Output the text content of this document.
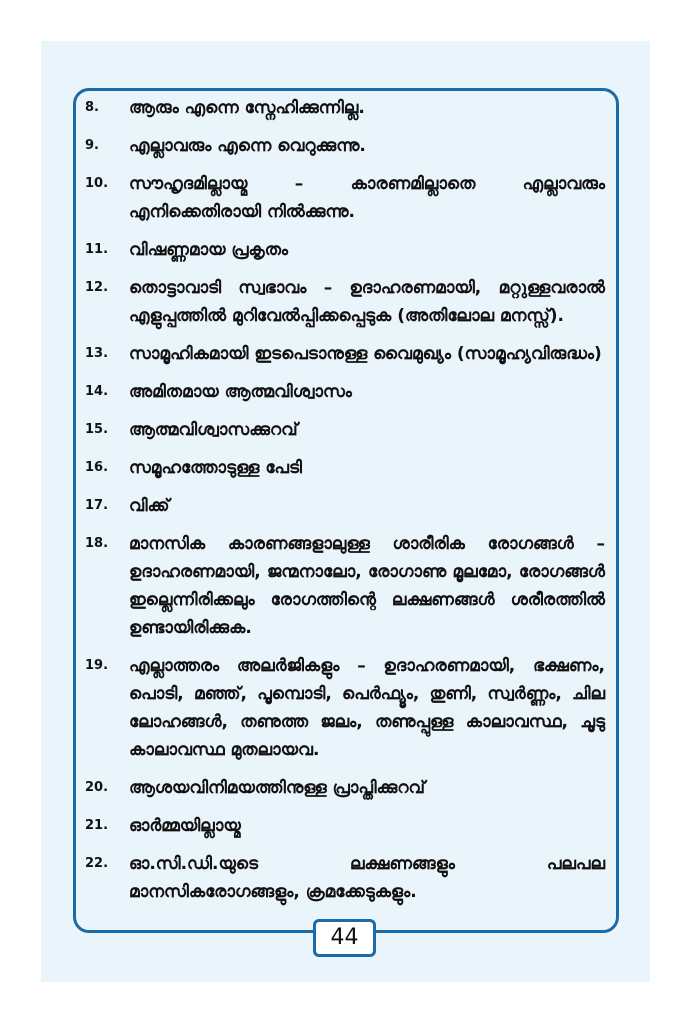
8.	ആരും എന്നെ സ്നേഹിക്കുന്നില്ല.
9.	എല്ലാവരും എന്നെ വെറുക്കുന്നു.
10.	സൗഹൃദമില്ലായ്മ – കാരണമില്ലാതെ എല്ലാവരും എനിക്കെതിരായി നിൽക്കുന്നു.
11.	വിഷണ്ണമായ പ്രകൃതം
12.	തൊട്ടാവാടി സ്വഭാവം – ഉദാഹരണമായി, മറ്റുള്ളവരാൽ എളുപ്പത്തിൽ മുറിവേൽപ്പിക്കപ്പെടുക (അതിലോല മനസ്സ്).
13.	സാമൂഹികമായി ഇടപെടാനുള്ള വൈമുഖ്യം (സാമൂഹ്യവിരുദ്ധം)
14.	അമിതമായ ആത്മവിശ്വാസം
15.	ആത്മവിശ്വാസക്കുറവ്
16.	സമൂഹത്തോടുള്ള പേടി
17.	വിക്ക്
18.	മാനസിക കാരണങ്ങളാലുള്ള ശാരീരിക രോഗങ്ങൾ – ഉദാഹരണമായി, ജന്മനാലോ, രോഗാണു മൂലമോ, രോഗങ്ങൾ ഇല്ലെന്നിരിക്കലും രോഗത്തിന്റെ ലക്ഷണങ്ങൾ ശരീരത്തിൽ ഉണ്ടായിരിക്കുക.
19.	എല്ലാത്തരം അലർജികളും – ഉദാഹരണമായി, ഭക്ഷണം, പൊടി, മഞ്ഞ്, പൂമ്പൊടി, പെർഫ്യൂം, തുണി, സ്വർണ്ണം, ചില ലോഹങ്ങൾ, തണുത്ത ജലം, തണുപ്പുള്ള കാലാവസ്ഥ, ചൂടു കാലാവസ്ഥ മുതലായവ.
20.	ആശയവിനിമയത്തിനുള്ള പ്രാപ്തിക്കുറവ്
21.	ഓർമ്മയില്ലായ്മ
22.	ഓ.സി.ഡി.യുടെ ലക്ഷണങ്ങളും പലപല മാനസികരോഗങ്ങളും, ക്രമക്കേടുകളും.
44
